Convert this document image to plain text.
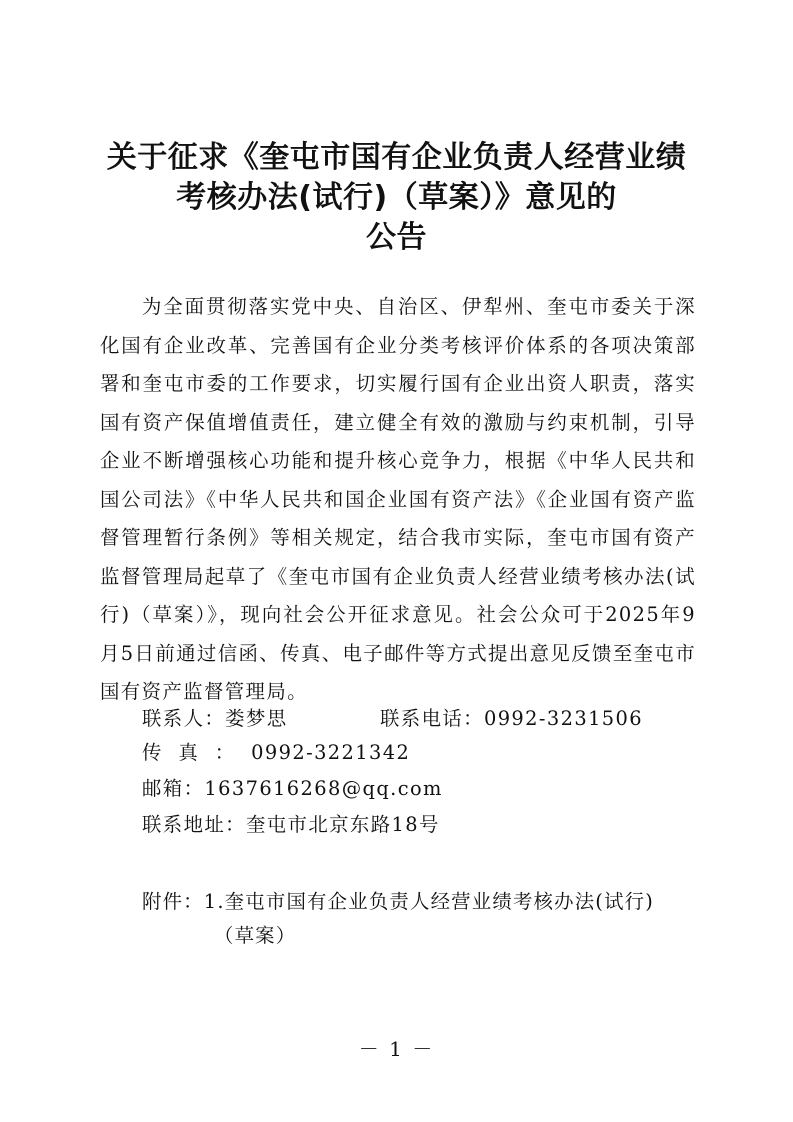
关于征求《奎屯市国有企业负责人经营业绩
考核办法(试行)（草案）》意见的
公告

为全面贯彻落实党中央、自治区、伊犁州、奎屯市委关于深化国有企业改革、完善国有企业分类考核评价体系的各项决策部署和奎屯市委的工作要求，切实履行国有企业出资人职责，落实国有资产保值增值责任，建立健全有效的激励与约束机制，引导企业不断增强核心功能和提升核心竞争力，根据《中华人民共和国公司法》《中华人民共和国企业国有资产法》《企业国有资产监督管理暂行条例》等相关规定，结合我市实际，奎屯市国有资产监督管理局起草了《奎屯市国有企业负责人经营业绩考核办法(试行)（草案）》，现向社会公开征求意见。社会公众可于2025年9月5日前通过信函、传真、电子邮件等方式提出意见反馈至奎屯市国有资产监督管理局。

联系人：娄梦思	联系电话：0992-3231506
传真：0992-3221342
邮箱：1637616268@qq.com
联系地址：奎屯市北京东路18号
附件：1.奎屯市国有企业负责人经营业绩考核办法(试行)
（草案）
－ 1 －
